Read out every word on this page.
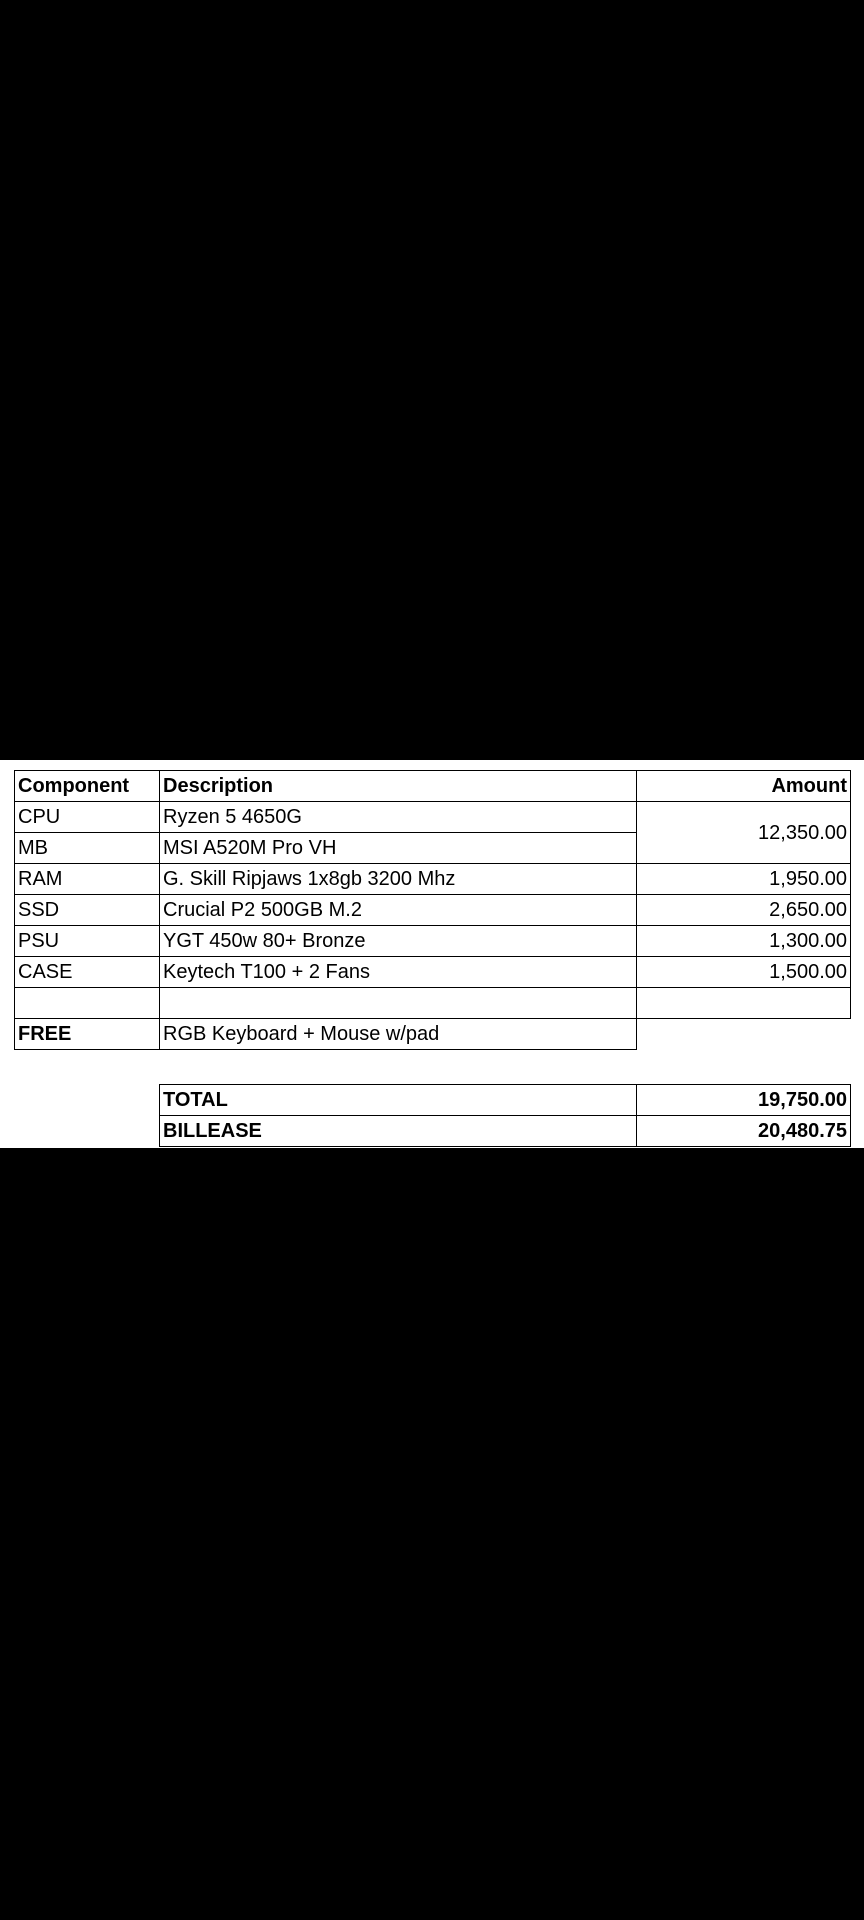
Component	Description	Amount
CPU	Ryzen 5 4650G	12,350.00
MB	MSI A520M Pro VH	
RAM	G. Skill Ripjaws 1x8gb 3200 Mhz	1,950.00
SSD	Crucial P2 500GB M.2	2,650.00
PSU	YGT 450w 80+ Bronze	1,300.00
CASE	Keytech T100 + 2 Fans	1,500.00

FREE	RGB Keyboard + Mouse w/pad	
TOTAL	19,750.00
BILLEASE	20,480.75
